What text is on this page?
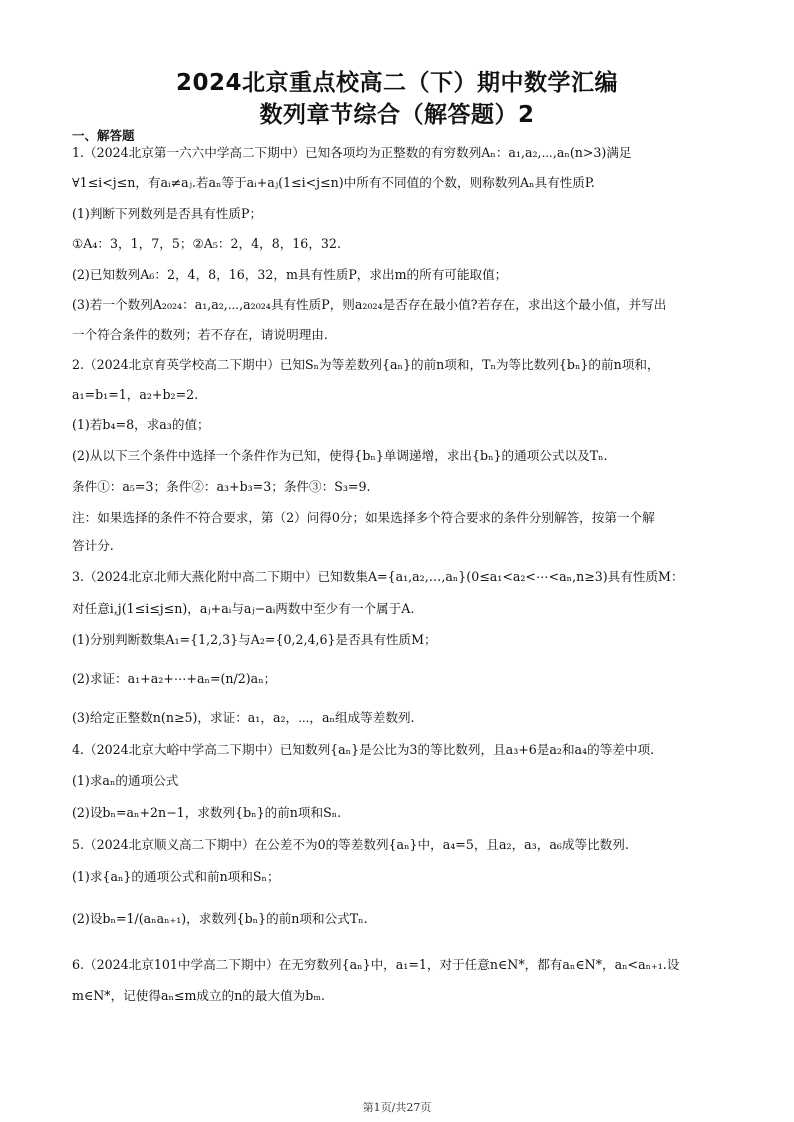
2024北京重点校高二（下）期中数学汇编
数列章节综合（解答题）2
一、解答题
1.（2024北京第一六六中学高二下期中）已知各项均为正整数的有穷数列Aₙ：a₁,a₂,⋯,aₙ(n>3)满足
∀1≤i<j≤n，有aᵢ≠aⱼ.若aₙ等于aᵢ+aⱼ(1≤i<j≤n)中所有不同值的个数，则称数列Aₙ具有性质P.
(1)判断下列数列是否具有性质P；
①A₄：3，1，7，5；②A₅：2，4，8，16，32.
(2)已知数列A₆：2，4，8，16，32，m具有性质P，求出m的所有可能取值；
(3)若一个数列A₂₀₂₄：a₁,a₂,⋯,a₂₀₂₄具有性质P，则a₂₀₂₄是否存在最小值?若存在，求出这个最小值，并写出
一个符合条件的数列；若不存在，请说明理由.
2.（2024北京育英学校高二下期中）已知Sₙ为等差数列{aₙ}的前n项和，Tₙ为等比数列{bₙ}的前n项和，
a₁=b₁=1，a₂+b₂=2.
(1)若b₄=8，求a₃的值；
(2)从以下三个条件中选择一个条件作为已知，使得{bₙ}单调递增，求出{bₙ}的通项公式以及Tₙ.
条件①：a₅=3；条件②：a₃+b₃=3；条件③：S₃=9.
注：如果选择的条件不符合要求，第（2）问得0分；如果选择多个符合要求的条件分别解答，按第一个解
答计分.
3.（2024北京北师大燕化附中高二下期中）已知数集A={a₁,a₂,…,aₙ}(0≤a₁<a₂<⋯<aₙ,n≥3)具有性质M：
对任意i,j(1≤i≤j≤n)，aⱼ+aᵢ与aⱼ−aᵢ两数中至少有一个属于A.
(1)分别判断数集A₁={1,2,3}与A₂={0,2,4,6}是否具有性质M；
(2)求证：a₁+a₂+⋯+aₙ=(n/2)aₙ；
(3)给定正整数n(n≥5)，求证：a₁，a₂，⋯，aₙ组成等差数列.
4.（2024北京大峪中学高二下期中）已知数列{aₙ}是公比为3的等比数列，且a₃+6是a₂和a₄的等差中项.
(1)求aₙ的通项公式
(2)设bₙ=aₙ+2n−1，求数列{bₙ}的前n项和Sₙ.
5.（2024北京顺义高二下期中）在公差不为0的等差数列{aₙ}中，a₄=5，且a₂，a₃，a₆成等比数列.
(1)求{aₙ}的通项公式和前n项和Sₙ；
(2)设bₙ=1/(aₙaₙ₊₁)，求数列{bₙ}的前n项和公式Tₙ.
6.（2024北京101中学高二下期中）在无穷数列{aₙ}中，a₁=1，对于任意n∈N*，都有aₙ∈N*，aₙ<aₙ₊₁.设
m∈N*，记使得aₙ≤m成立的n的最大值为bₘ.
第1页/共27页
